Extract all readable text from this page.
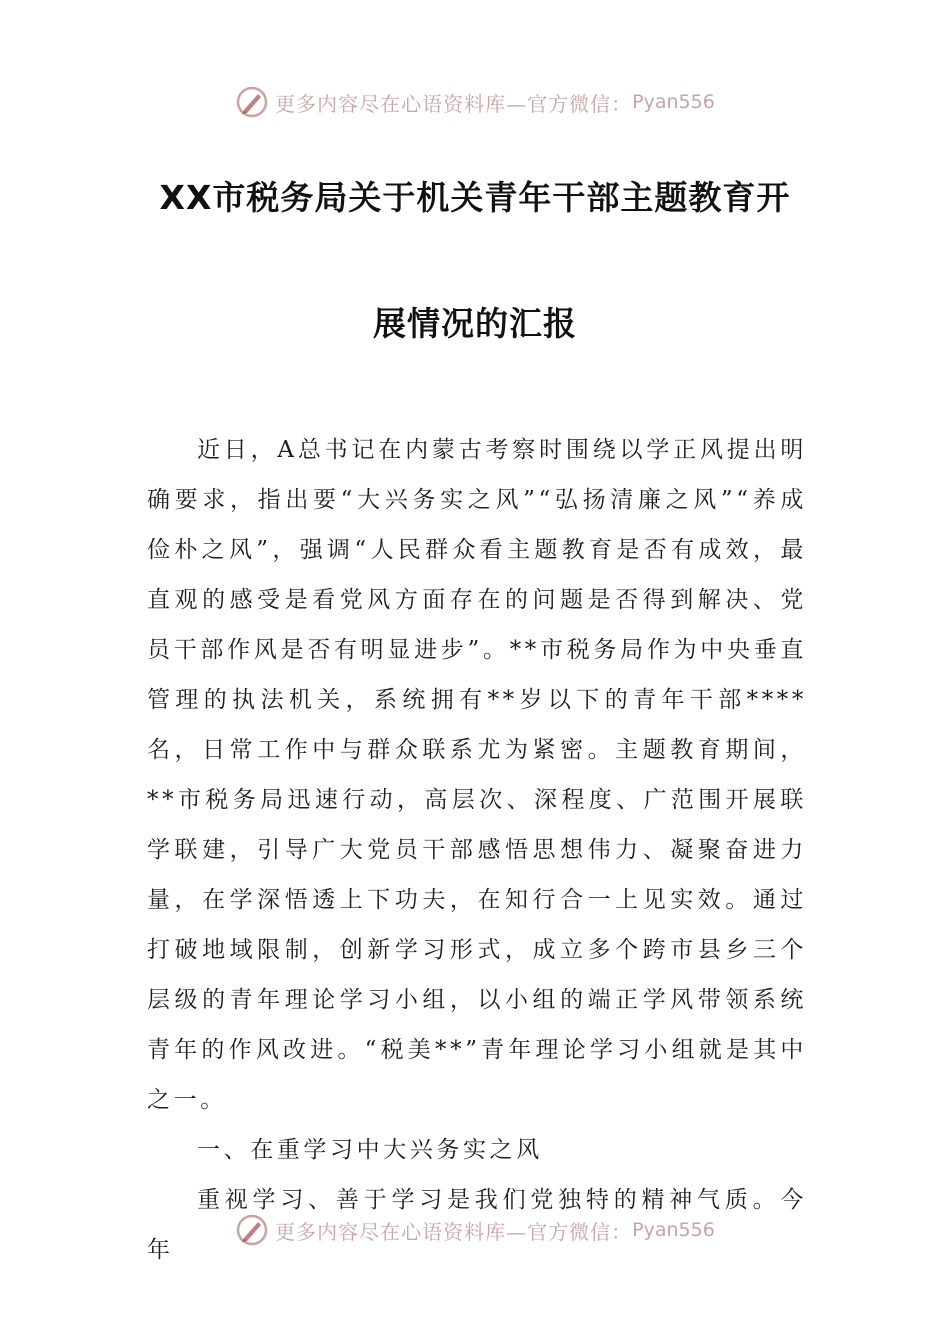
更多内容尽在心语资料库—官方微信： Pyan556
XX市税务局关于机关青年干部主题教育开
展情况的汇报

近日，A总书记在内蒙古考察时围绕以学正风提出明确要求，指出要“大兴务实之风”“弘扬清廉之风”“养成俭朴之风”，强调“人民群众看主题教育是否有成效，最直观的感受是看党风方面存在的问题是否得到解决、党员干部作风是否有明显进步”。**市税务局作为中央垂直管理的执法机关，系统拥有**岁以下的青年干部****名，日常工作中与群众联系尤为紧密。主题教育期间，**市税务局迅速行动，高层次、深程度、广范围开展联学联建，引导广大党员干部感悟思想伟力、凝聚奋进力量，在学深悟透上下功夫，在知行合一上见实效。通过打破地域限制，创新学习形式，成立多个跨市县乡三个层级的青年理论学习小组，以小组的端正学风带领系统青年的作风改进。“税美**”青年理论学习小组就是其中之一。

一、在重学习中大兴务实之风

重视学习、善于学习是我们党独特的精神气质。今年

更多内容尽在心语资料库—官方微信： Pyan556
